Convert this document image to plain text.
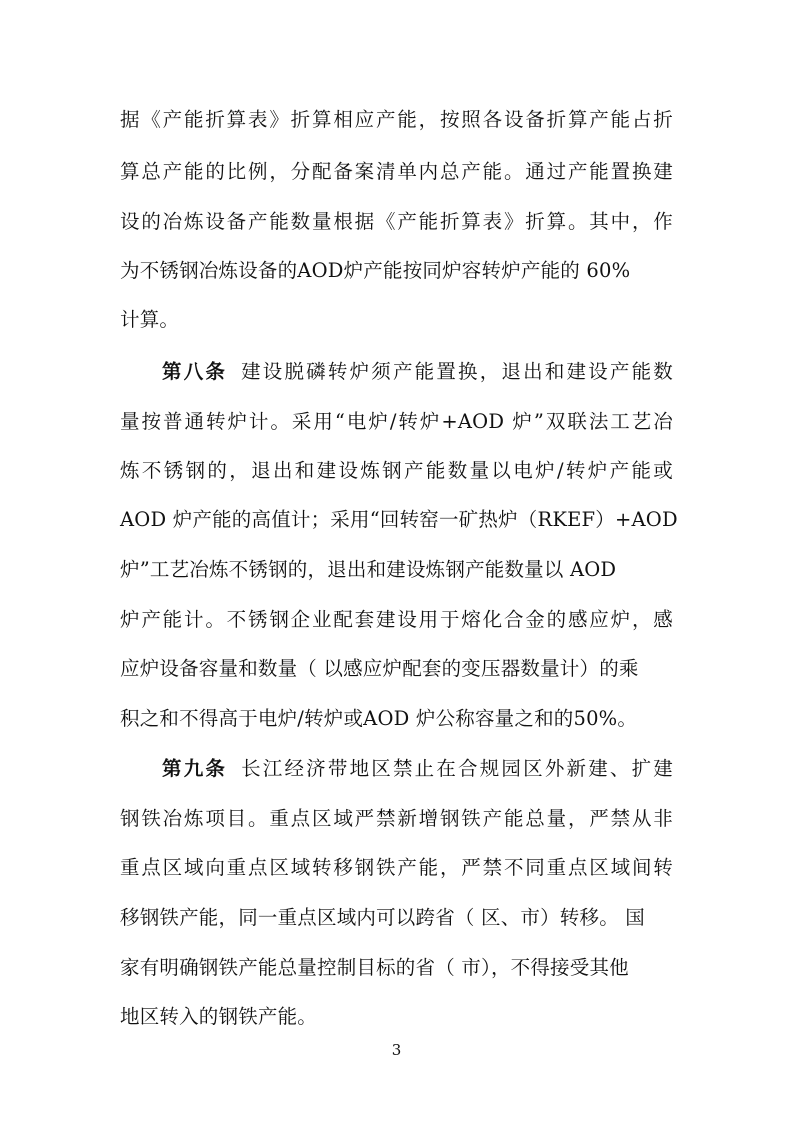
据《产能折算表》折算相应产能，按照各设备折算产能占折
算总产能的比例，分配备案清单内总产能。通过产能置换建
设的冶炼设备产能数量根据《产能折算表》折算。其中，作
为不锈钢冶炼设备的AOD炉产能按同炉容转炉产能的 60%
计算。
第八条 建设脱磷转炉须产能置换，退出和建设产能数
量按普通转炉计。采用“电炉/转炉+AOD 炉”双联法工艺冶
炼不锈钢的，退出和建设炼钢产能数量以电炉/转炉产能或
AOD 炉产能的高值计；采用“回转窑一矿热炉（RKEF）+AOD
炉”工艺冶炼不锈钢的，退出和建设炼钢产能数量以 AOD
炉产能计。不锈钢企业配套建设用于熔化合金的感应炉，感
应炉设备容量和数量（ 以感应炉配套的变压器数量计）的乘
积之和不得高于电炉/转炉或AOD 炉公称容量之和的50%。
第九条 长江经济带地区禁止在合规园区外新建、扩建
钢铁冶炼项目。重点区域严禁新增钢铁产能总量，严禁从非
重点区域向重点区域转移钢铁产能，严禁不同重点区域间转
移钢铁产能，同一重点区域内可以跨省（ 区、市）转移。 国
家有明确钢铁产能总量控制目标的省（ 市），不得接受其他
地区转入的钢铁产能。
3
